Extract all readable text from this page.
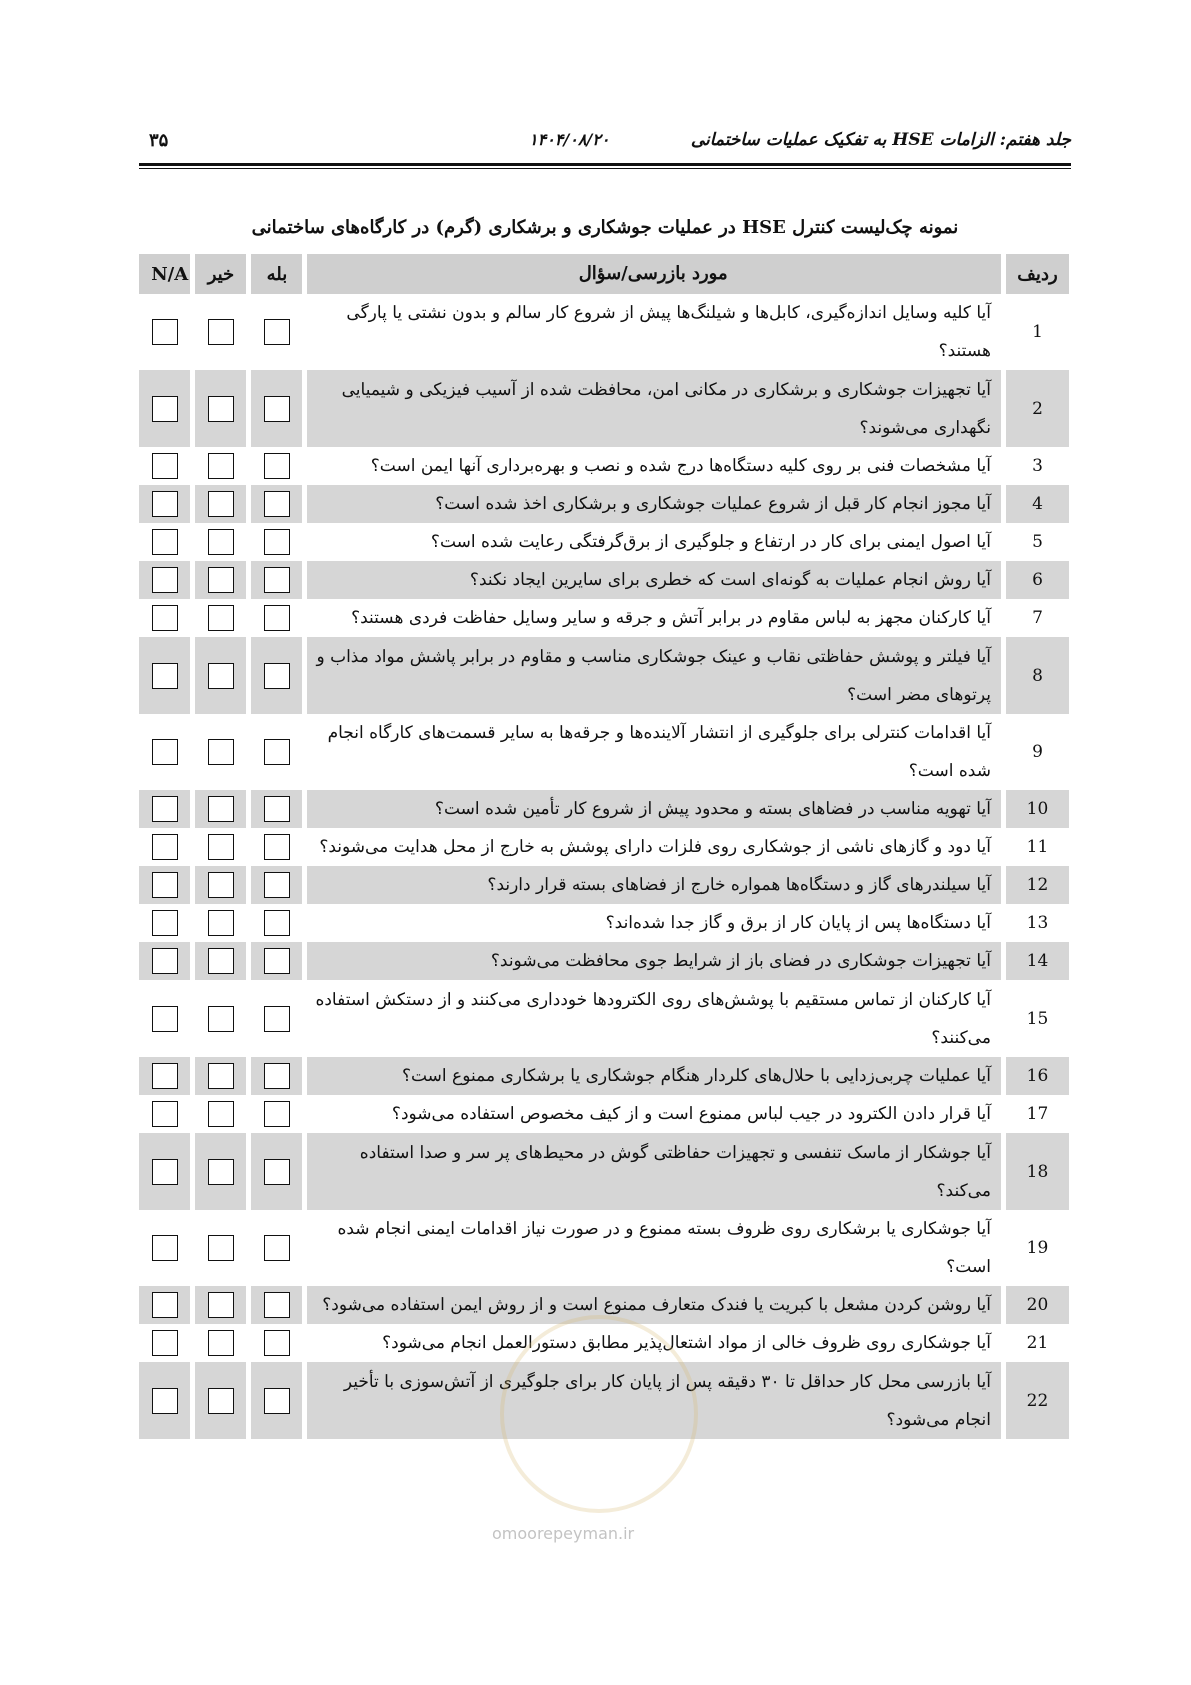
جلد هفتم: الزامات HSE به تفکیک عملیات ساختمانی
۱۴۰۴/۰۸/۲۰
۳۵
نمونه چک‌لیست کنترل HSE در عملیات جوشکاری و برشکاری (گرم) در کارگاه‌های ساختمانی
ردیف	مورد بازرسی/سؤال	بله	خیر	N/A
1	آیا کلیه وسایل اندازه‌گیری، کابل‌ها و شیلنگ‌ها پیش از شروع کار سالم و بدون نشتی یا پارگی هستند؟			
2	آیا تجهیزات جوشکاری و برشکاری در مکانی امن، محافظت شده از آسیب فیزیکی و شیمیایی نگهداری می‌شوند؟			
3	آیا مشخصات فنی بر روی کلیه دستگاه‌ها درج شده و نصب و بهره‌برداری آنها ایمن است؟			
4	آیا مجوز انجام کار قبل از شروع عملیات جوشکاری و برشکاری اخذ شده است؟			
5	آیا اصول ایمنی برای کار در ارتفاع و جلوگیری از برق‌گرفتگی رعایت شده است؟			
6	آیا روش انجام عملیات به گونه‌ای است که خطری برای سایرین ایجاد نکند؟			
7	آیا کارکنان مجهز به لباس مقاوم در برابر آتش و جرقه و سایر وسایل حفاظت فردی هستند؟			
8	آیا فیلتر و پوشش حفاظتی نقاب و عینک جوشکاری مناسب و مقاوم در برابر پاشش مواد مذاب و پرتوهای مضر است؟			
9	آیا اقدامات کنترلی برای جلوگیری از انتشار آلاینده‌ها و جرقه‌ها به سایر قسمت‌های کارگاه انجام شده است؟			
10	آیا تهویه مناسب در فضاهای بسته و محدود پیش از شروع کار تأمین شده است؟			
11	آیا دود و گازهای ناشی از جوشکاری روی فلزات دارای پوشش به خارج از محل هدایت می‌شوند؟			
12	آیا سیلندرهای گاز و دستگاه‌ها همواره خارج از فضاهای بسته قرار دارند؟			
13	آیا دستگاه‌ها پس از پایان کار از برق و گاز جدا شده‌اند؟			
14	آیا تجهیزات جوشکاری در فضای باز از شرایط جوی محافظت می‌شوند؟			
15	آیا کارکنان از تماس مستقیم با پوشش‌های روی الکترودها خودداری می‌کنند و از دستکش استفاده می‌کنند؟			
16	آیا عملیات چربی‌زدایی با حلال‌های کلردار هنگام جوشکاری یا برشکاری ممنوع است؟			
17	آیا قرار دادن الکترود در جیب لباس ممنوع است و از کیف مخصوص استفاده می‌شود؟			
18	آیا جوشکار از ماسک تنفسی و تجهیزات حفاظتی گوش در محیط‌های پر سر و صدا استفاده می‌کند؟			
19	آیا جوشکاری یا برشکاری روی ظروف بسته ممنوع و در صورت نیاز اقدامات ایمنی انجام شده است؟			
20	آیا روشن کردن مشعل با کبریت یا فندک متعارف ممنوع است و از روش ایمن استفاده می‌شود؟			
21	آیا جوشکاری روی ظروف خالی از مواد اشتعال‌پذیر مطابق دستورالعمل انجام می‌شود؟			
22	آیا بازرسی محل کار حداقل تا ۳۰ دقیقه پس از پایان کار برای جلوگیری از آتش‌سوزی با تأخیر انجام می‌شود؟			
omoorepeyman.ir
